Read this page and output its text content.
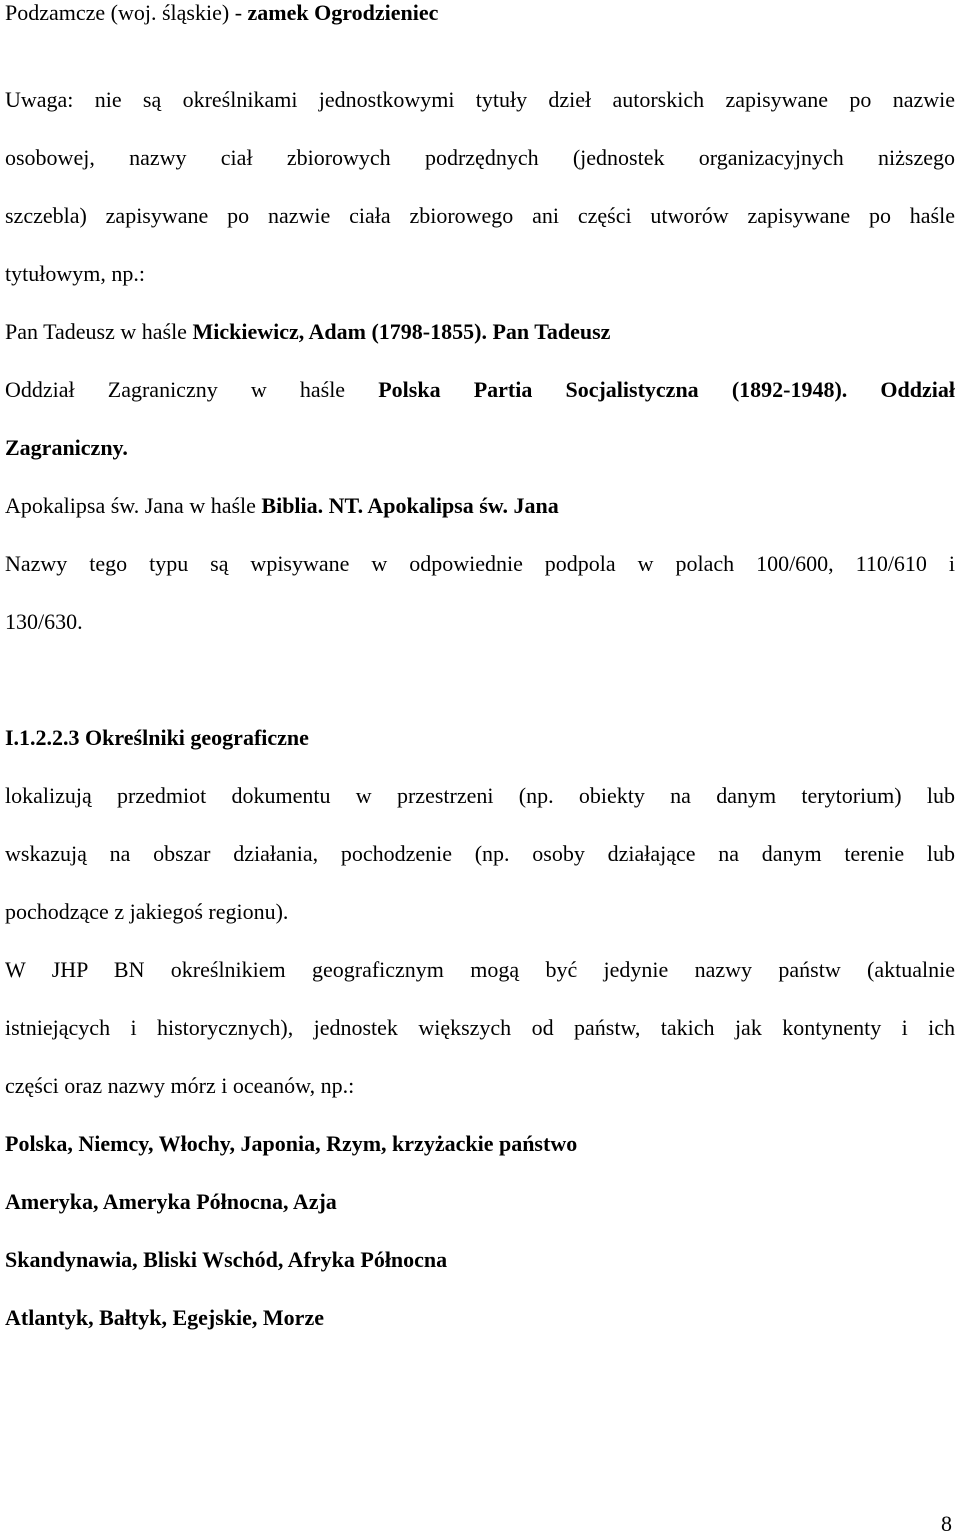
Podzamcze (woj. śląskie) - zamek Ogrodzieniec
Uwaga: nie są określnikami jednostkowymi tytuły dzieł autorskich zapisywane po nazwie
osobowej, nazwy ciał zbiorowych podrzędnych (jednostek organizacyjnych niższego
szczebla) zapisywane po nazwie ciała zbiorowego ani części utworów zapisywane po haśle
tytułowym, np.:
Pan Tadeusz w haśle Mickiewicz, Adam (1798-1855). Pan Tadeusz
Oddział Zagraniczny w haśle Polska Partia Socjalistyczna (1892-1948). Oddział
Zagraniczny.
Apokalipsa św. Jana w haśle Biblia. NT. Apokalipsa św. Jana
Nazwy tego typu są wpisywane w odpowiednie podpola w polach 100/600, 110/610 i
130/630.
I.1.2.2.3 Określniki geograficzne
lokalizują przedmiot dokumentu w przestrzeni (np. obiekty na danym terytorium) lub
wskazują na obszar działania, pochodzenie (np. osoby działające na danym terenie lub
pochodzące z jakiegoś regionu).
W JHP BN określnikiem geograficznym mogą być jedynie nazwy państw (aktualnie
istniejących i historycznych), jednostek większych od państw, takich jak kontynenty i ich
części oraz nazwy mórz i oceanów, np.:
Polska, Niemcy, Włochy, Japonia, Rzym, krzyżackie państwo
Ameryka, Ameryka Północna, Azja
Skandynawia, Bliski Wschód, Afryka Północna
Atlantyk, Bałtyk, Egejskie, Morze
8
